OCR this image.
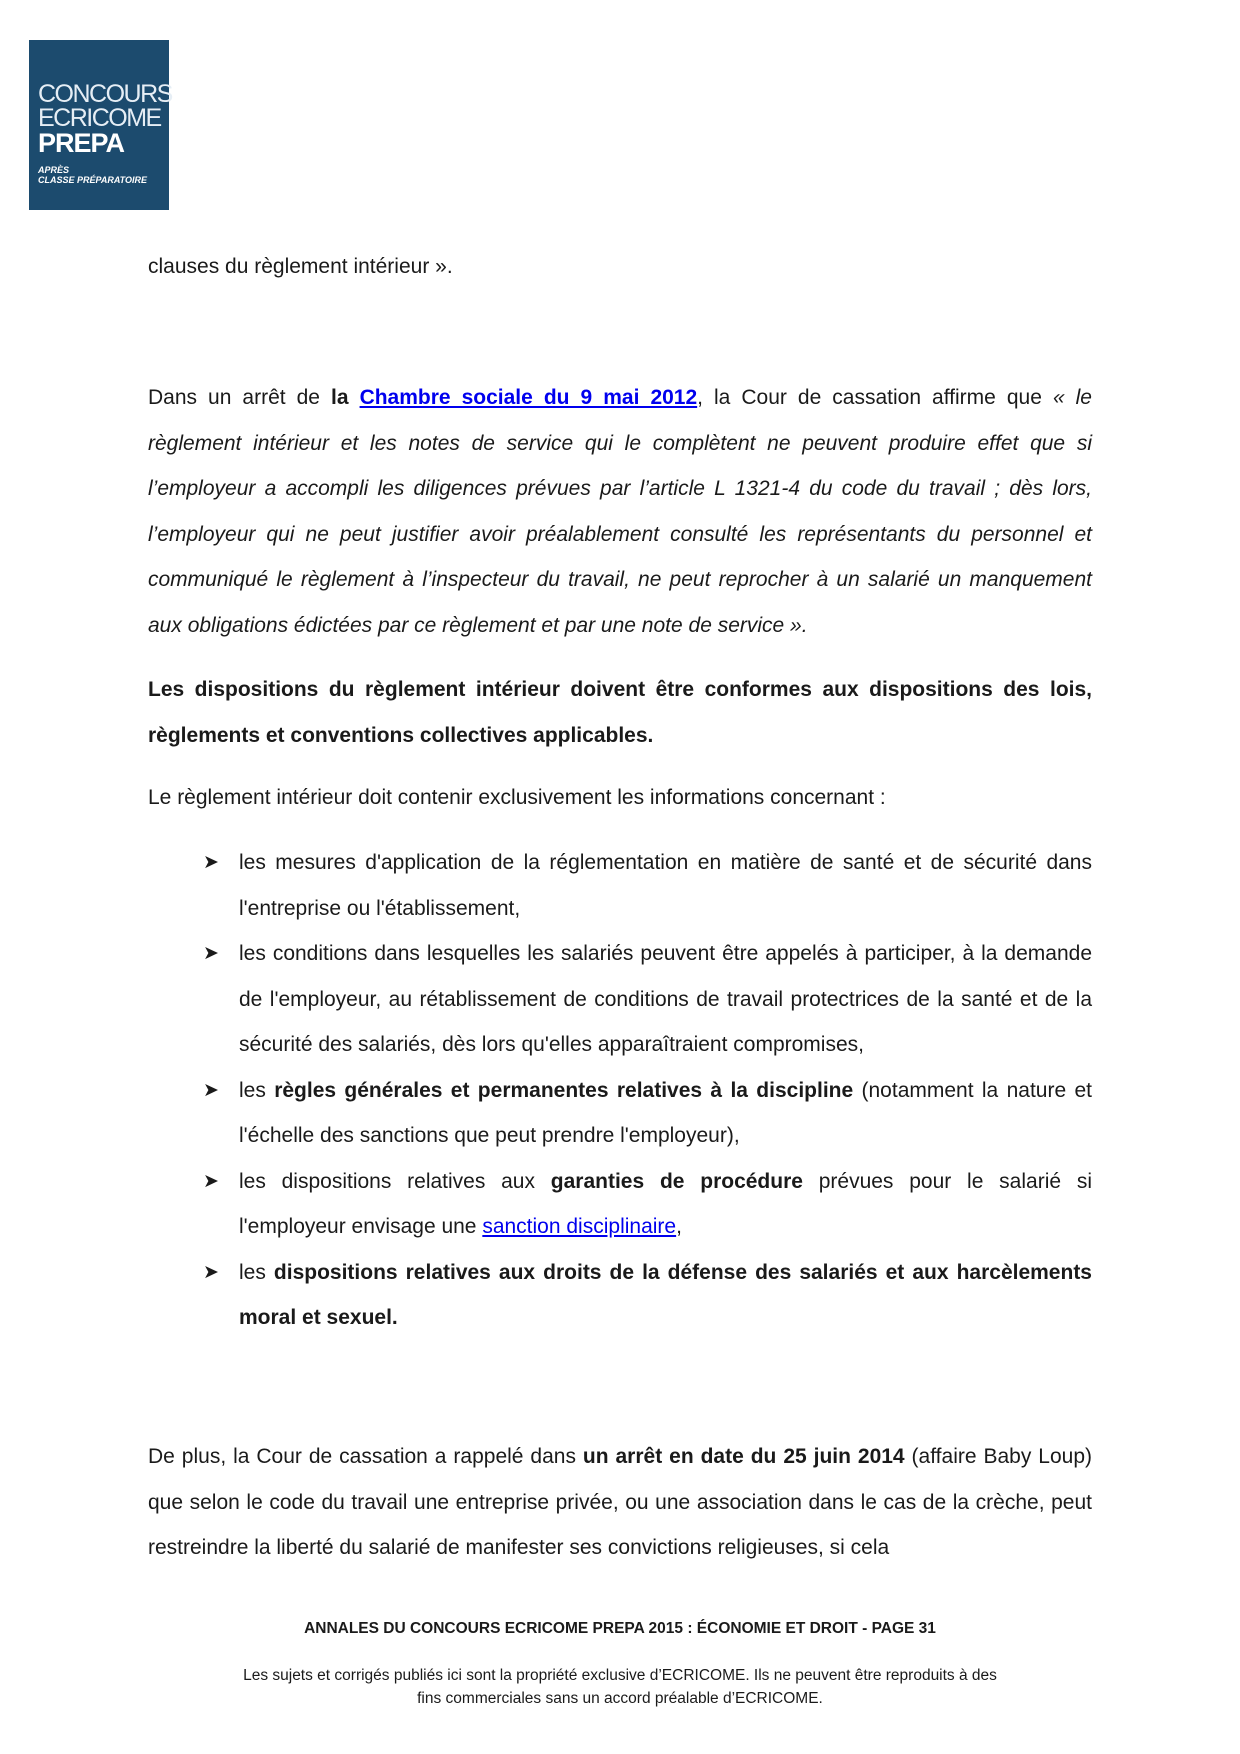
CONCOURS
ECRICOME
PREPA
APRÈS
CLASSE PRÉPARATOIRE

clauses du règlement intérieur ».

Dans un arrêt de la Chambre sociale du 9 mai 2012, la Cour de cassation affirme que « le règlement intérieur et les notes de service qui le complètent ne peuvent produire effet que si l’employeur a accompli les diligences prévues par l’article L 1321-4 du code du travail ; dès lors, l’employeur qui ne peut justifier avoir préalablement consulté les représentants du personnel et communiqué le règlement à l’inspecteur du travail, ne peut reprocher à un salarié un manquement aux obligations édictées par ce règlement et par une note de service ».

Les dispositions du règlement intérieur doivent être conformes aux dispositions des lois, règlements et conventions collectives applicables.

Le règlement intérieur doit contenir exclusivement les informations concernant :

➤ les mesures d'application de la réglementation en matière de santé et de sécurité dans l'entreprise ou l'établissement,
➤ les conditions dans lesquelles les salariés peuvent être appelés à participer, à la demande de l'employeur, au rétablissement de conditions de travail protectrices de la santé et de la sécurité des salariés, dès lors qu'elles apparaîtraient compromises,
➤ les règles générales et permanentes relatives à la discipline (notamment la nature et l'échelle des sanctions que peut prendre l'employeur),
➤ les dispositions relatives aux garanties de procédure prévues pour le salarié si l'employeur envisage une sanction disciplinaire,
➤ les dispositions relatives aux droits de la défense des salariés et aux harcèlements moral et sexuel.

De plus, la Cour de cassation a rappelé dans un arrêt en date du 25 juin 2014 (affaire Baby Loup) que selon le code du travail une entreprise privée, ou une association dans le cas de la crèche, peut restreindre la liberté du salarié de manifester ses convictions religieuses, si cela

ANNALES DU CONCOURS ECRICOME PREPA 2015 : ÉCONOMIE ET DROIT - PAGE 31
Les sujets et corrigés publiés ici sont la propriété exclusive d’ECRICOME. Ils ne peuvent être reproduits à des
fins commerciales sans un accord préalable d’ECRICOME.
